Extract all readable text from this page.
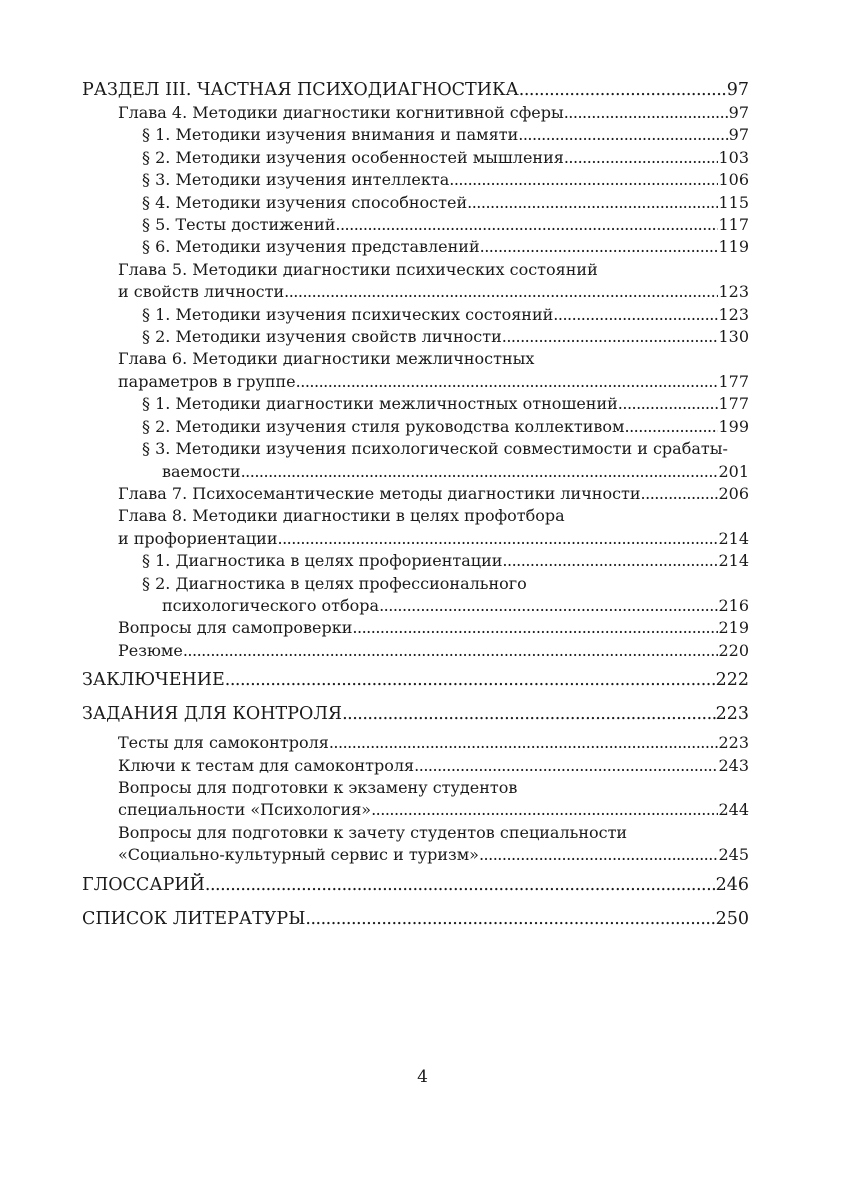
РАЗДЕЛ III. ЧАСТНАЯ ПСИХОДИАГНОСТИКА .....	97
Глава 4. Методики диагностики когнитивной сферы .....	97
§ 1. Методики изучения внимания и памяти .....	97
§ 2. Методики изучения особенностей мышления .....	103
§ 3. Методики изучения интеллекта .....	106
§ 4. Методики изучения способностей .....	115
§ 5. Тесты достижений .....	117
§ 6. Методики изучения представлений .....	119
Глава 5. Методики диагностики психических состояний
и свойств личности .....	123
§ 1. Методики изучения психических состояний .....	123
§ 2. Методики изучения свойств личности .....	130
Глава 6. Методики диагностики межличностных
параметров в группе .....	177
§ 1. Методики диагностики межличностных отношений .....	177
§ 2. Методики изучения стиля руководства коллективом .....	199
§ 3. Методики изучения психологической совместимости и срабаты-
ваемости .....	201
Глава 7. Психосемантические методы диагностики личности .....	206
Глава 8. Методики диагностики в целях профотбора
и профориентации .....	214
§ 1. Диагностика в целях профориентации .....	214
§ 2. Диагностика в целях профессионального
психологического отбора .....	216
Вопросы для самопроверки .....	219
Резюме .....	220
ЗАКЛЮЧЕНИЕ .....	222
ЗАДАНИЯ ДЛЯ КОНТРОЛЯ .....	223
Тесты для самоконтроля .....	223
Ключи к тестам для самоконтроля .....	243
Вопросы для подготовки к экзамену студентов
специальности «Психология» .....	244
Вопросы для подготовки к зачету студентов специальности
«Социально-культурный сервис и туризм» .....	245
ГЛОССАРИЙ .....	246
СПИСОК ЛИТЕРАТУРЫ .....	250
4
